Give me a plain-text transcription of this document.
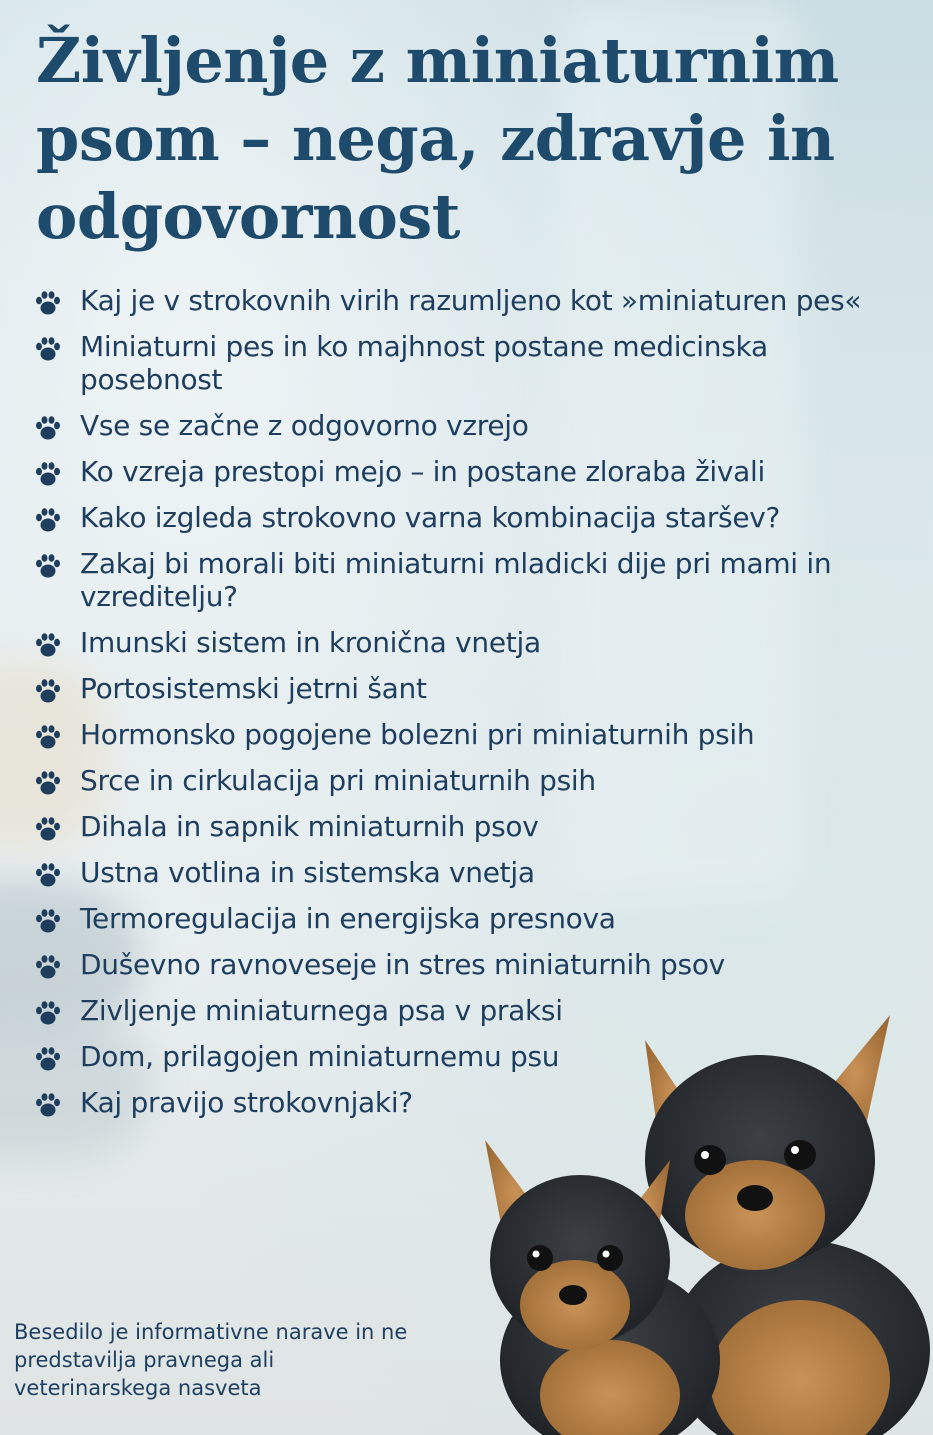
Življenje z miniaturnim psom – nega, zdravje in odgovornost
Kaj je v strokovnih virih razumljeno kot »miniaturen pes«
Miniaturni pes in ko majhnost postane medicinska posebnost
Vse se začne z odgovorno vzrejo
Ko vzreja prestopi mejo – in postane zloraba živali
Kako izgleda strokovno varna kombinacija staršev?
Zakaj bi morali biti miniaturni mladicki dije pri mami in vzreditelju?
Imunski sistem in kronična vnetja
Portosistemski jetrni šant
Hormonsko pogojene bolezni pri miniaturnih psih
Srce in cirkulacija pri miniaturnih psih
Dihala in sapnik miniaturnih psov
Ustna votlina in sistemska vnetja
Termoregulacija in energijska presnova
Duševno ravnoveseje in stres miniaturnih psov
Zivljenje miniaturnega psa v praksi
Dom, prilagojen miniaturnemu psu
Kaj pravijo strokovnjaki?

Besedilo je informativne narave in ne predstavilja pravnega ali veterinarskega nasveta
